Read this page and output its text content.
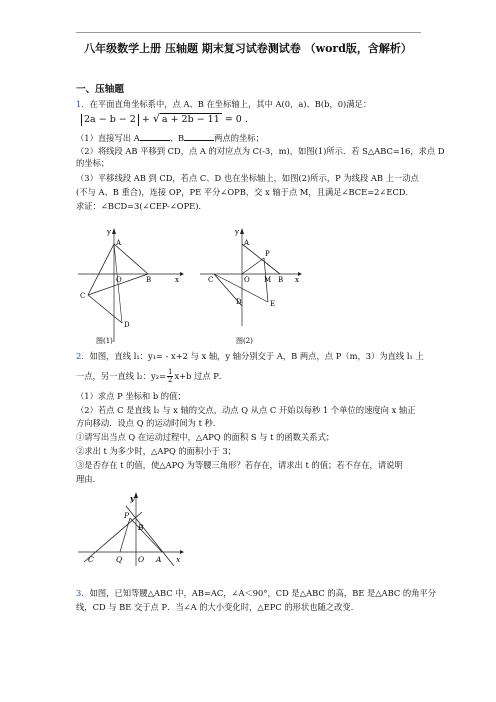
八年级数学上册 压轴题 期末复习试卷测试卷 （word版，含解析）
一、压轴题
1．在平面直角坐标系中，点 A、B 在坐标轴上，其中 A(0，a)、B(b，0)满足：
2a − b − 2 + √ a + 2b − 11 = 0 .
（1）直接写出 A	、B	两点的坐标；
（2）将线段 AB 平移到 CD，点 A 的对应点为 C(-3，m)，如图(1)所示．若 S△ABC=16，求点 D
的坐标；
（3）平移线段 AB 到 CD，若点 C、D 也在坐标轴上，如图(2)所示，P 为线段 AB 上一动点
(不与 A、B 重合)，连接 OP，PE 平分∠OPB，交 x 轴于点 M，且满足∠BCE=2∠ECD．
求证：∠BCD=3(∠CEP-∠OPE)．
y
A
O	B	x
C
D
图(1)
y
A
P
C	O M B x
D	E
图(2)
2．如图，直线 l₁：y₁= - x+2 与 x 轴，y 轴分别交于 A，B 两点，点 P（m，3）为直线 l₁ 上
一点，另一直线 l₂：$y_2= \frac{1}{2} x+b$ 过点 P．
（1）求点 P 坐标和 b 的值；
（2）若点 C 是直线 l₂ 与 x 轴的交点，动点 Q 从点 C 开始以每秒 1 个单位的速度向 x 轴正
方向移动．设点 Q 的运动时间为 t 秒．
①请写出当点 Q 在运动过程中，△APQ 的面积 S 与 t 的函数关系式；
②求出 t 为多少时，△APQ 的面积小于 3；
③是否存在 t 的值，使△APQ 为等腰三角形？若存在，请求出 t 的值；若不存在，请说明
理由．
y
P
B
C	Q O A x
3．如图，已知等腰△ABC 中，AB=AC，∠A＜90°，CD 是△ABC 的高，BE 是△ABC 的角平分
线，CD 与 BE 交于点 P．当∠A 的大小变化时，△EPC 的形状也随之改变．
